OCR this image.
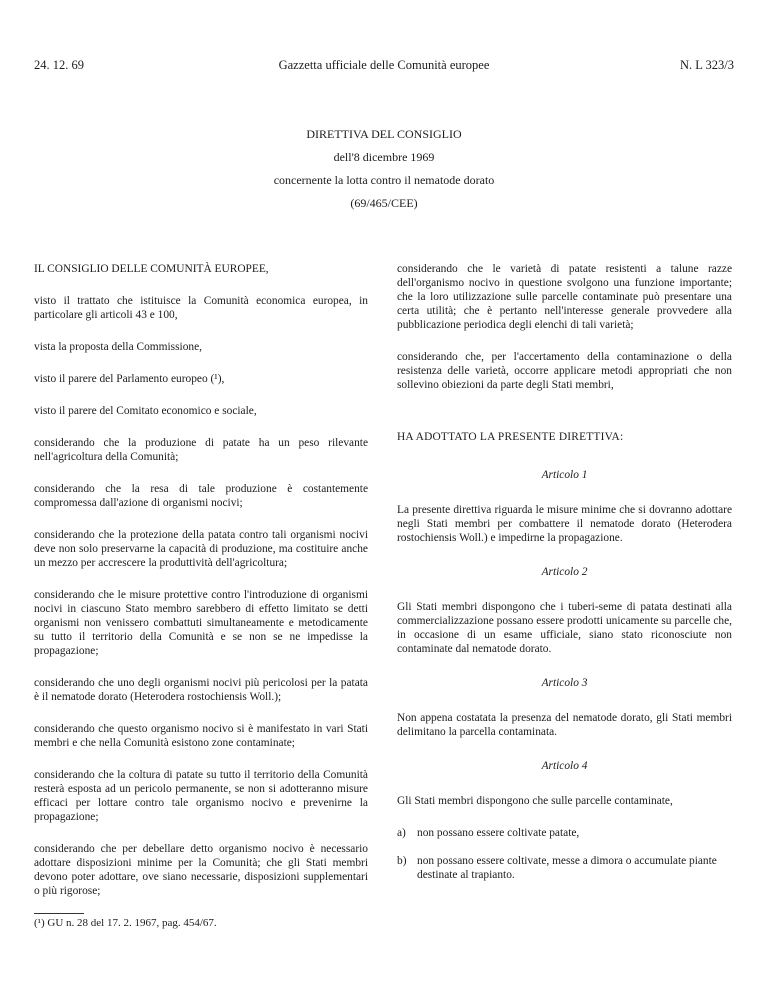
24. 12. 69	Gazzetta ufficiale delle Comunità europee	N. L 323/3
DIRETTIVA DEL CONSIGLIO
dell'8 dicembre 1969
concernente la lotta contro il nematode dorato
(69/465/CEE)

IL CONSIGLIO DELLE COMUNITÀ EUROPEE,

visto il trattato che istituisce la Comunità economica europea, in particolare gli articoli 43 e 100,

vista la proposta della Commissione,

visto il parere del Parlamento europeo (¹),

visto il parere del Comitato economico e sociale,

considerando che la produzione di patate ha un peso rilevante nell'agricoltura della Comunità;

considerando che la resa di tale produzione è costantemente compromessa dall'azione di organismi nocivi;

considerando che la protezione della patata contro tali organismi nocivi deve non solo preservarne la capacità di produzione, ma costituire anche un mezzo per accrescere la produttività dell'agricoltura;

considerando che le misure protettive contro l'introduzione di organismi nocivi in ciascuno Stato membro sarebbero di effetto limitato se detti organismi non venissero combattuti simultaneamente e metodicamente su tutto il territorio della Comunità e se non se ne impedisse la propagazione;

considerando che uno degli organismi nocivi più pericolosi per la patata è il nematode dorato (Heterodera rostochiensis Woll.);

considerando che questo organismo nocivo si è manifestato in vari Stati membri e che nella Comunità esistono zone contaminate;

considerando che la coltura di patate su tutto il territorio della Comunità resterà esposta ad un pericolo permanente, se non si adotteranno misure efficaci per lottare contro tale organismo nocivo e prevenirne la propagazione;

considerando che per debellare detto organismo nocivo è necessario adottare disposizioni minime per la Comunità; che gli Stati membri devono poter adottare, ove siano necessarie, disposizioni supplementari o più rigorose;

(¹) GU n. 28 del 17. 2. 1967, pag. 454/67.

considerando che le varietà di patate resistenti a talune razze dell'organismo nocivo in questione svolgono una funzione importante; che la loro utilizzazione sulle parcelle contaminate può presentare una certa utilità; che è pertanto nell'interesse generale provvedere alla pubblicazione periodica degli elenchi di tali varietà;

considerando che, per l'accertamento della contaminazione o della resistenza delle varietà, occorre applicare metodi appropriati che non sollevino obiezioni da parte degli Stati membri,

HA ADOTTATO LA PRESENTE DIRETTIVA:
Articolo 1

La presente direttiva riguarda le misure minime che si dovranno adottare negli Stati membri per combattere il nematode dorato (Heterodera rostochiensis Woll.) e impedirne la propagazione.

Articolo 2

Gli Stati membri dispongono che i tuberi-seme di patata destinati alla commercializzazione possano essere prodotti unicamente su parcelle che, in occasione di un esame ufficiale, siano stato riconosciute non contaminate dal nematode dorato.

Articolo 3

Non appena costatata la presenza del nematode dorato, gli Stati membri delimitano la parcella contaminata.

Articolo 4

Gli Stati membri dispongono che sulle parcelle contaminate,

a) non possano essere coltivate patate,
b) non possano essere coltivate, messe a dimora o accumulate piante destinate al trapianto.
